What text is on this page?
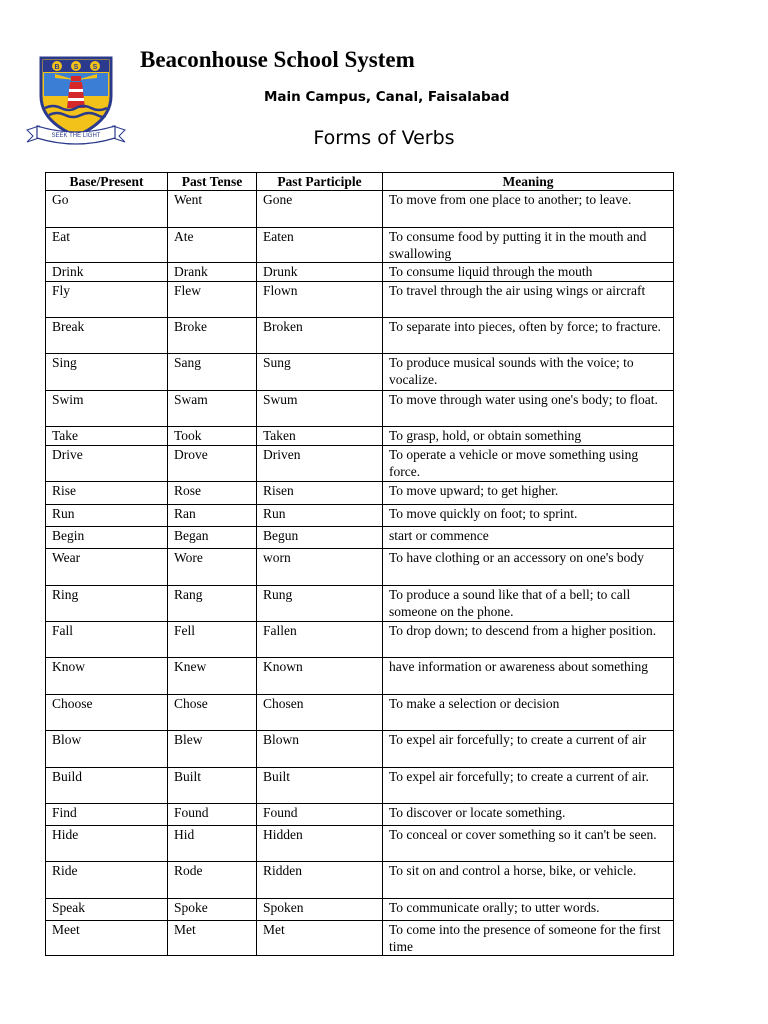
B S S
SEEK THE LIGHT
Beaconhouse School System
Main Campus, Canal, Faisalabad
Forms of Verbs
Base/Present	Past Tense	Past Participle	Meaning
Go	Went	Gone	To move from one place to another; to leave.
Eat	Ate	Eaten	To consume food by putting it in the mouth and swallowing
Drink	Drank	Drunk	To consume liquid through the mouth
Fly	Flew	Flown	To travel through the air using wings or aircraft
Break	Broke	Broken	To separate into pieces, often by force; to fracture.
Sing	Sang	Sung	To produce musical sounds with the voice; to vocalize.
Swim	Swam	Swum	To move through water using one's body; to float.
Take	Took	Taken	To grasp, hold, or obtain something
Drive	Drove	Driven	To operate a vehicle or move something using force.
Rise	Rose	Risen	To move upward; to get higher.
Run	Ran	Run	To move quickly on foot; to sprint.
Begin	Began	Begun	start or commence
Wear	Wore	worn	To have clothing or an accessory on one's body
Ring	Rang	Rung	To produce a sound like that of a bell; to call someone on the phone.
Fall	Fell	Fallen	To drop down; to descend from a higher position.
Know	Knew	Known	have information or awareness about something
Choose	Chose	Chosen	To make a selection or decision
Blow	Blew	Blown	To expel air forcefully; to create a current of air
Build	Built	Built	To expel air forcefully; to create a current of air.
Find	Found	Found	To discover or locate something.
Hide	Hid	Hidden	To conceal or cover something so it can't be seen.
Ride	Rode	Ridden	To sit on and control a horse, bike, or vehicle.
Speak	Spoke	Spoken	To communicate orally; to utter words.
Meet	Met	Met	To come into the presence of someone for the first time
